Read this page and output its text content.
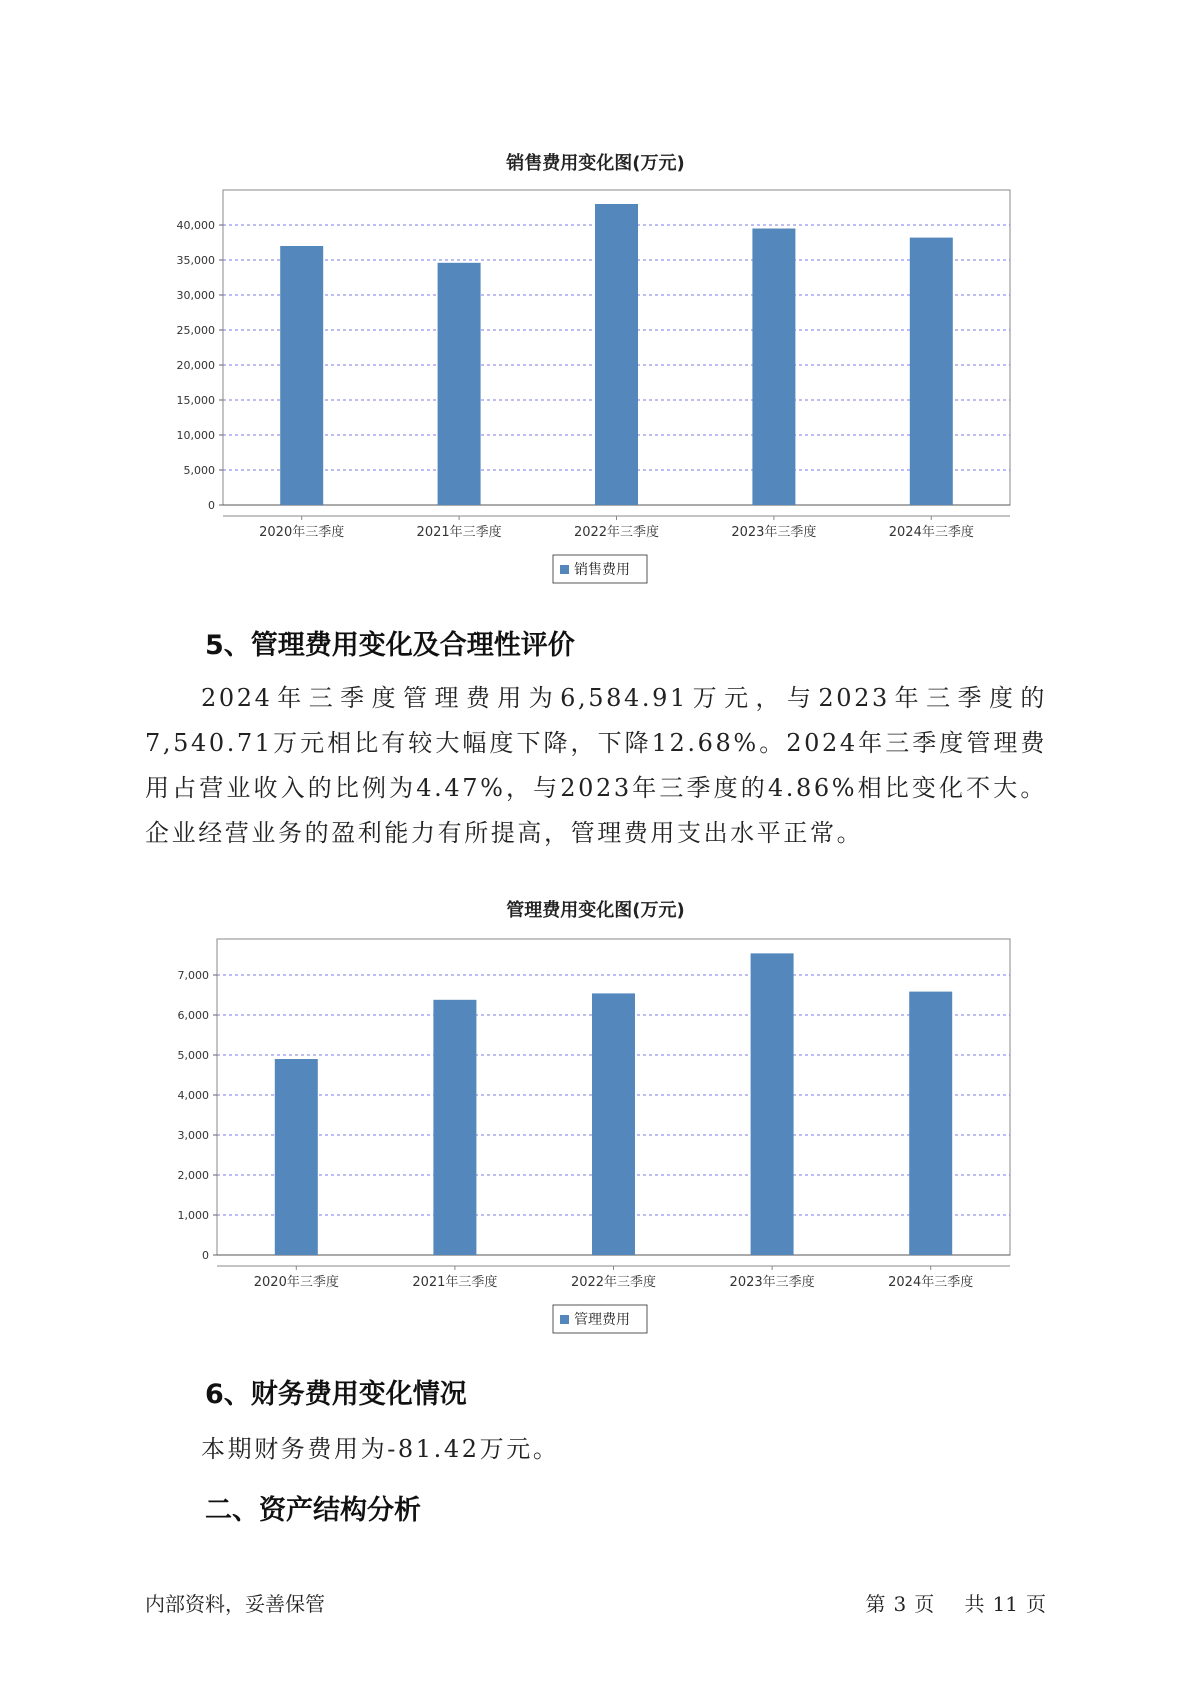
销售费用变化图(万元)
0
5,000
10,000
15,000
20,000
25,000
30,000
35,000
40,000
2020年三季度	2021年三季度	2022年三季度	2023年三季度	2024年三季度
销售费用
5、管理费用变化及合理性评价

2024年三季度管理费用为6,584.91万元，与2023年三季度的7,540.71万元相比有较大幅度下降，下降12.68%。2024年三季度管理费用占营业收入的比例为4.47%，与2023年三季度的4.86%相比变化不大。企业经营业务的盈利能力有所提高，管理费用支出水平正常。

管理费用变化图(万元)
0
1,000
2,000
3,000
4,000
5,000
6,000
7,000
2020年三季度	2021年三季度	2022年三季度	2023年三季度	2024年三季度
管理费用
6、财务费用变化情况

本期财务费用为-81.42万元。

二、资产结构分析
内部资料，妥善保管	第 3 页 共 11 页
